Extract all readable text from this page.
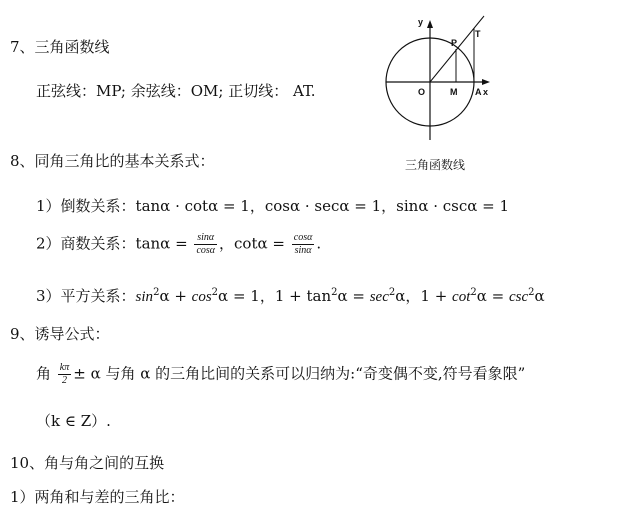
7、三角函数线
正弦线：MP; 余弦线：OM; 正切线： AT.
y
P
T
O	M A x
三角函数线
8、同角三角比的基本关系式：
1）倒数关系：tanα · cotα = 1，cosα · secα = 1，sinα · cscα = 1
2）商数关系：$\tan\alpha = \frac{\sin\alpha}{\cos\alpha}$ ，$\cot\alpha = \frac{\cos\alpha}{\sin\alpha}$ .
3）平方关系：$\sin^2\alpha + \cos^2\alpha = 1$，$1 + \tan^2\alpha = \sec^2\alpha$，$1 + \cot^2\alpha = \csc^2\alpha$
9、诱导公式：
角 $\frac{k\pi}{2} \pm \alpha$ 与角 α 的三角比间的关系可以归纳为:“奇变偶不变,符号看象限”
（k ∈ Z）.
10、角与角之间的互换
1）两角和与差的三角比：
